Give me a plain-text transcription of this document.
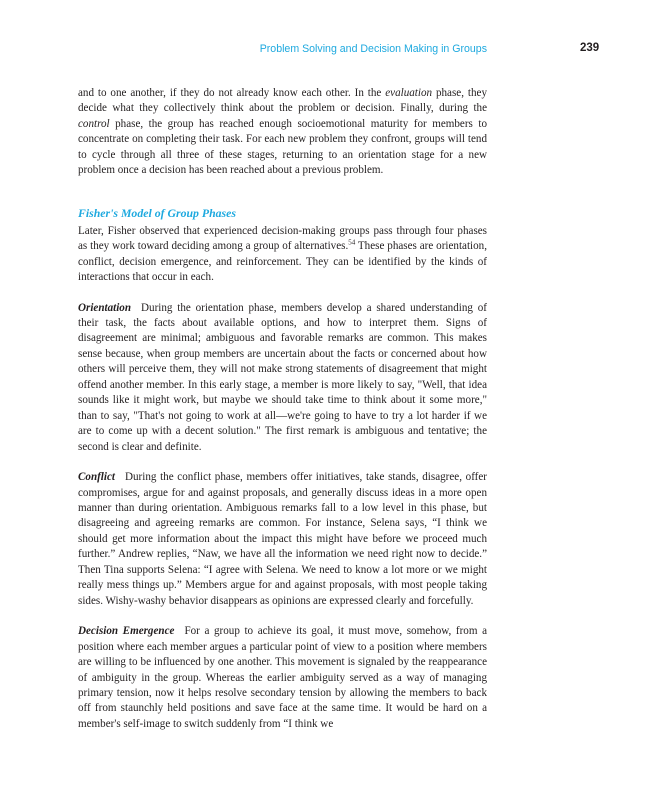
Problem Solving and Decision Making in Groups	239

and to one another, if they do not already know each other. In the evaluation phase, they decide what they collectively think about the problem or decision. Finally, during the control phase, the group has reached enough socioemotional maturity for members to concentrate on completing their task. For each new problem they confront, groups will tend to cycle through all three of these stages, returning to an orientation stage for a new problem once a decision has been reached about a previous problem.

Fisher's Model of Group Phases

Later, Fisher observed that experienced decision-making groups pass through four phases as they work toward deciding among a group of alternatives.$^{54}$ These phases are orientation, conflict, decision emergence, and reinforcement. They can be identified by the kinds of interactions that occur in each.

Orientation During the orientation phase, members develop a shared understanding of their task, the facts about available options, and how to interpret them. Signs of disagreement are minimal; ambiguous and favorable remarks are common. This makes sense because, when group members are uncertain about the facts or concerned about how others will perceive them, they will not make strong statements of disagreement that might offend another member. In this early stage, a member is more likely to say, "Well, that idea sounds like it might work, but maybe we should take time to think about it some more," than to say, "That's not going to work at all—we're going to have to try a lot harder if we are to come up with a decent solution." The first remark is ambiguous and tentative; the second is clear and definite.

Conflict During the conflict phase, members offer initiatives, take stands, disagree, offer compromises, argue for and against proposals, and generally discuss ideas in a more open manner than during orientation. Ambiguous remarks fall to a low level in this phase, but disagreeing and agreeing remarks are common. For instance, Selena says, “I think we should get more information about the impact this might have before we proceed much further.” Andrew replies, “Naw, we have all the information we need right now to decide.” Then Tina supports Selena: “I agree with Selena. We need to know a lot more or we might really mess things up.” Members argue for and against proposals, with most people taking sides. Wishy-washy behavior disappears as opinions are expressed clearly and forcefully.

Decision Emergence For a group to achieve its goal, it must move, somehow, from a position where each member argues a particular point of view to a position where members are willing to be influenced by one another. This movement is signaled by the reappearance of ambiguity in the group. Whereas the earlier ambiguity served as a way of managing primary tension, now it helps resolve secondary tension by allowing the members to back off from staunchly held positions and save face at the same time. It would be hard on a member's self-image to switch suddenly from “I think we
